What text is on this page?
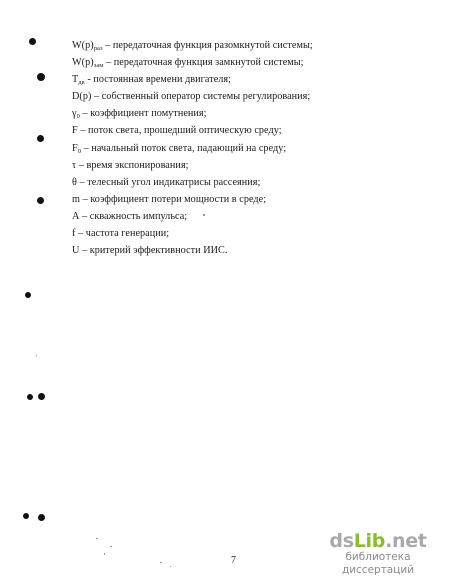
$W(p)_{раз}$ – передаточная функция разомкнутой системы;
$W(p)_{зам}$ – передаточная функция замкнутой системы;
$T_{дв}$ - постоянная времени двигателя;
D(p) – собственный оператор системы регулирования;
$\gamma_0$ – коэффициент помутнения;
F – поток света, прошедший оптическую среду;
$F_0$ – начальный поток света, падающий на среду;
τ – время экспонирования;
θ – телесный угол индикатрисы рассеяния;
m – коэффициент потери мощности в среде;
A – скважность импульса;
f – частота генерации;
U – критерий эффективности ИИС.
7
dsLib.net
библиотека диссертаций
